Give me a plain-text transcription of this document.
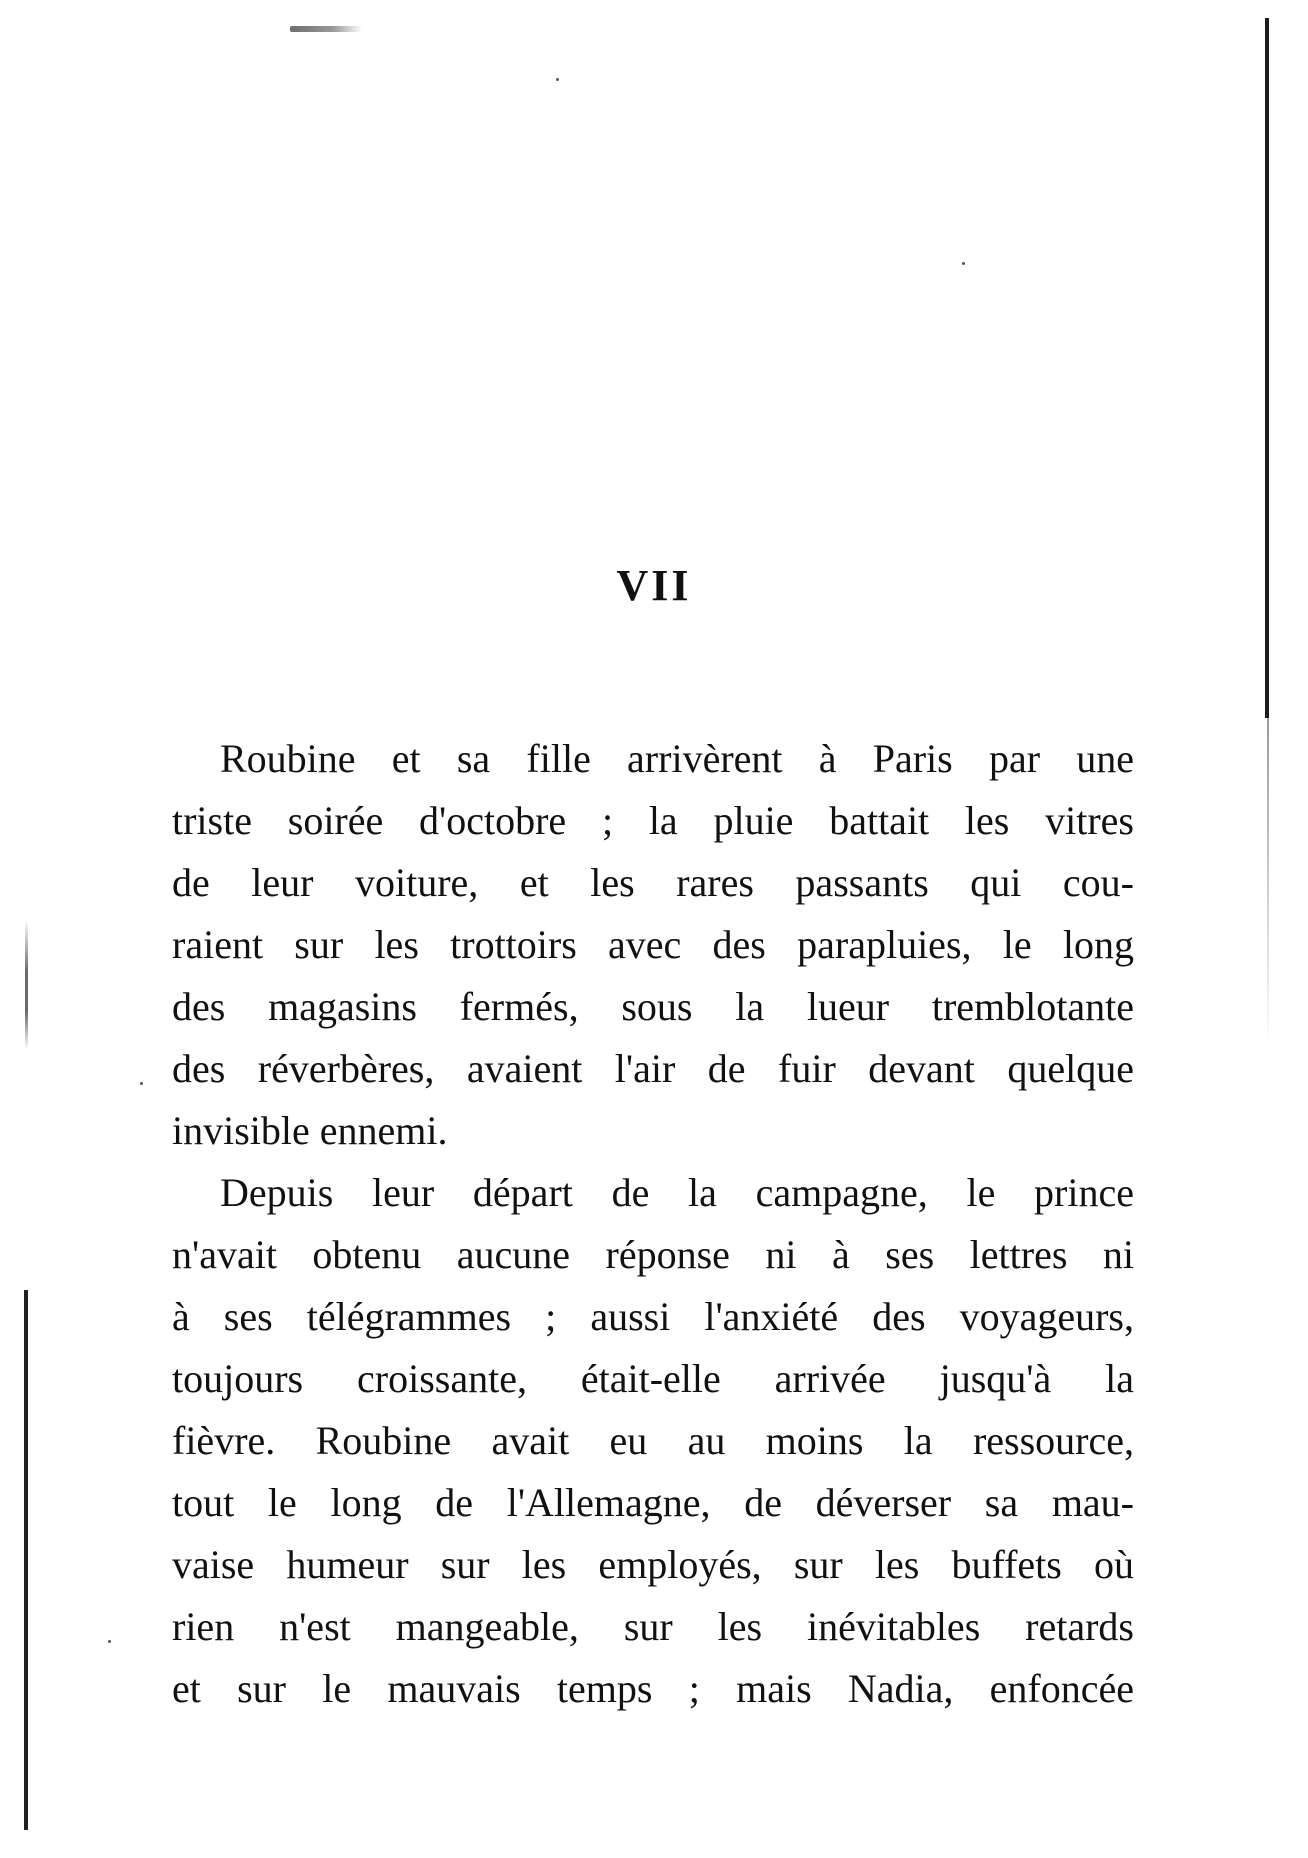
VII
Roubine et sa fille arrivèrent à Paris par une
triste soirée d'octobre ; la pluie battait les vitres
de leur voiture, et les rares passants qui cou-
raient sur les trottoirs avec des parapluies, le long
des magasins fermés, sous la lueur tremblotante
des réverbères, avaient l'air de fuir devant quelque
invisible ennemi.
Depuis leur départ de la campagne, le prince
n'avait obtenu aucune réponse ni à ses lettres ni
à ses télégrammes ; aussi l'anxiété des voyageurs,
toujours croissante, était-elle arrivée jusqu'à la
fièvre. Roubine avait eu au moins la ressource,
tout le long de l'Allemagne, de déverser sa mau-
vaise humeur sur les employés, sur les buffets où
rien n'est mangeable, sur les inévitables retards
et sur le mauvais temps ; mais Nadia, enfoncée
